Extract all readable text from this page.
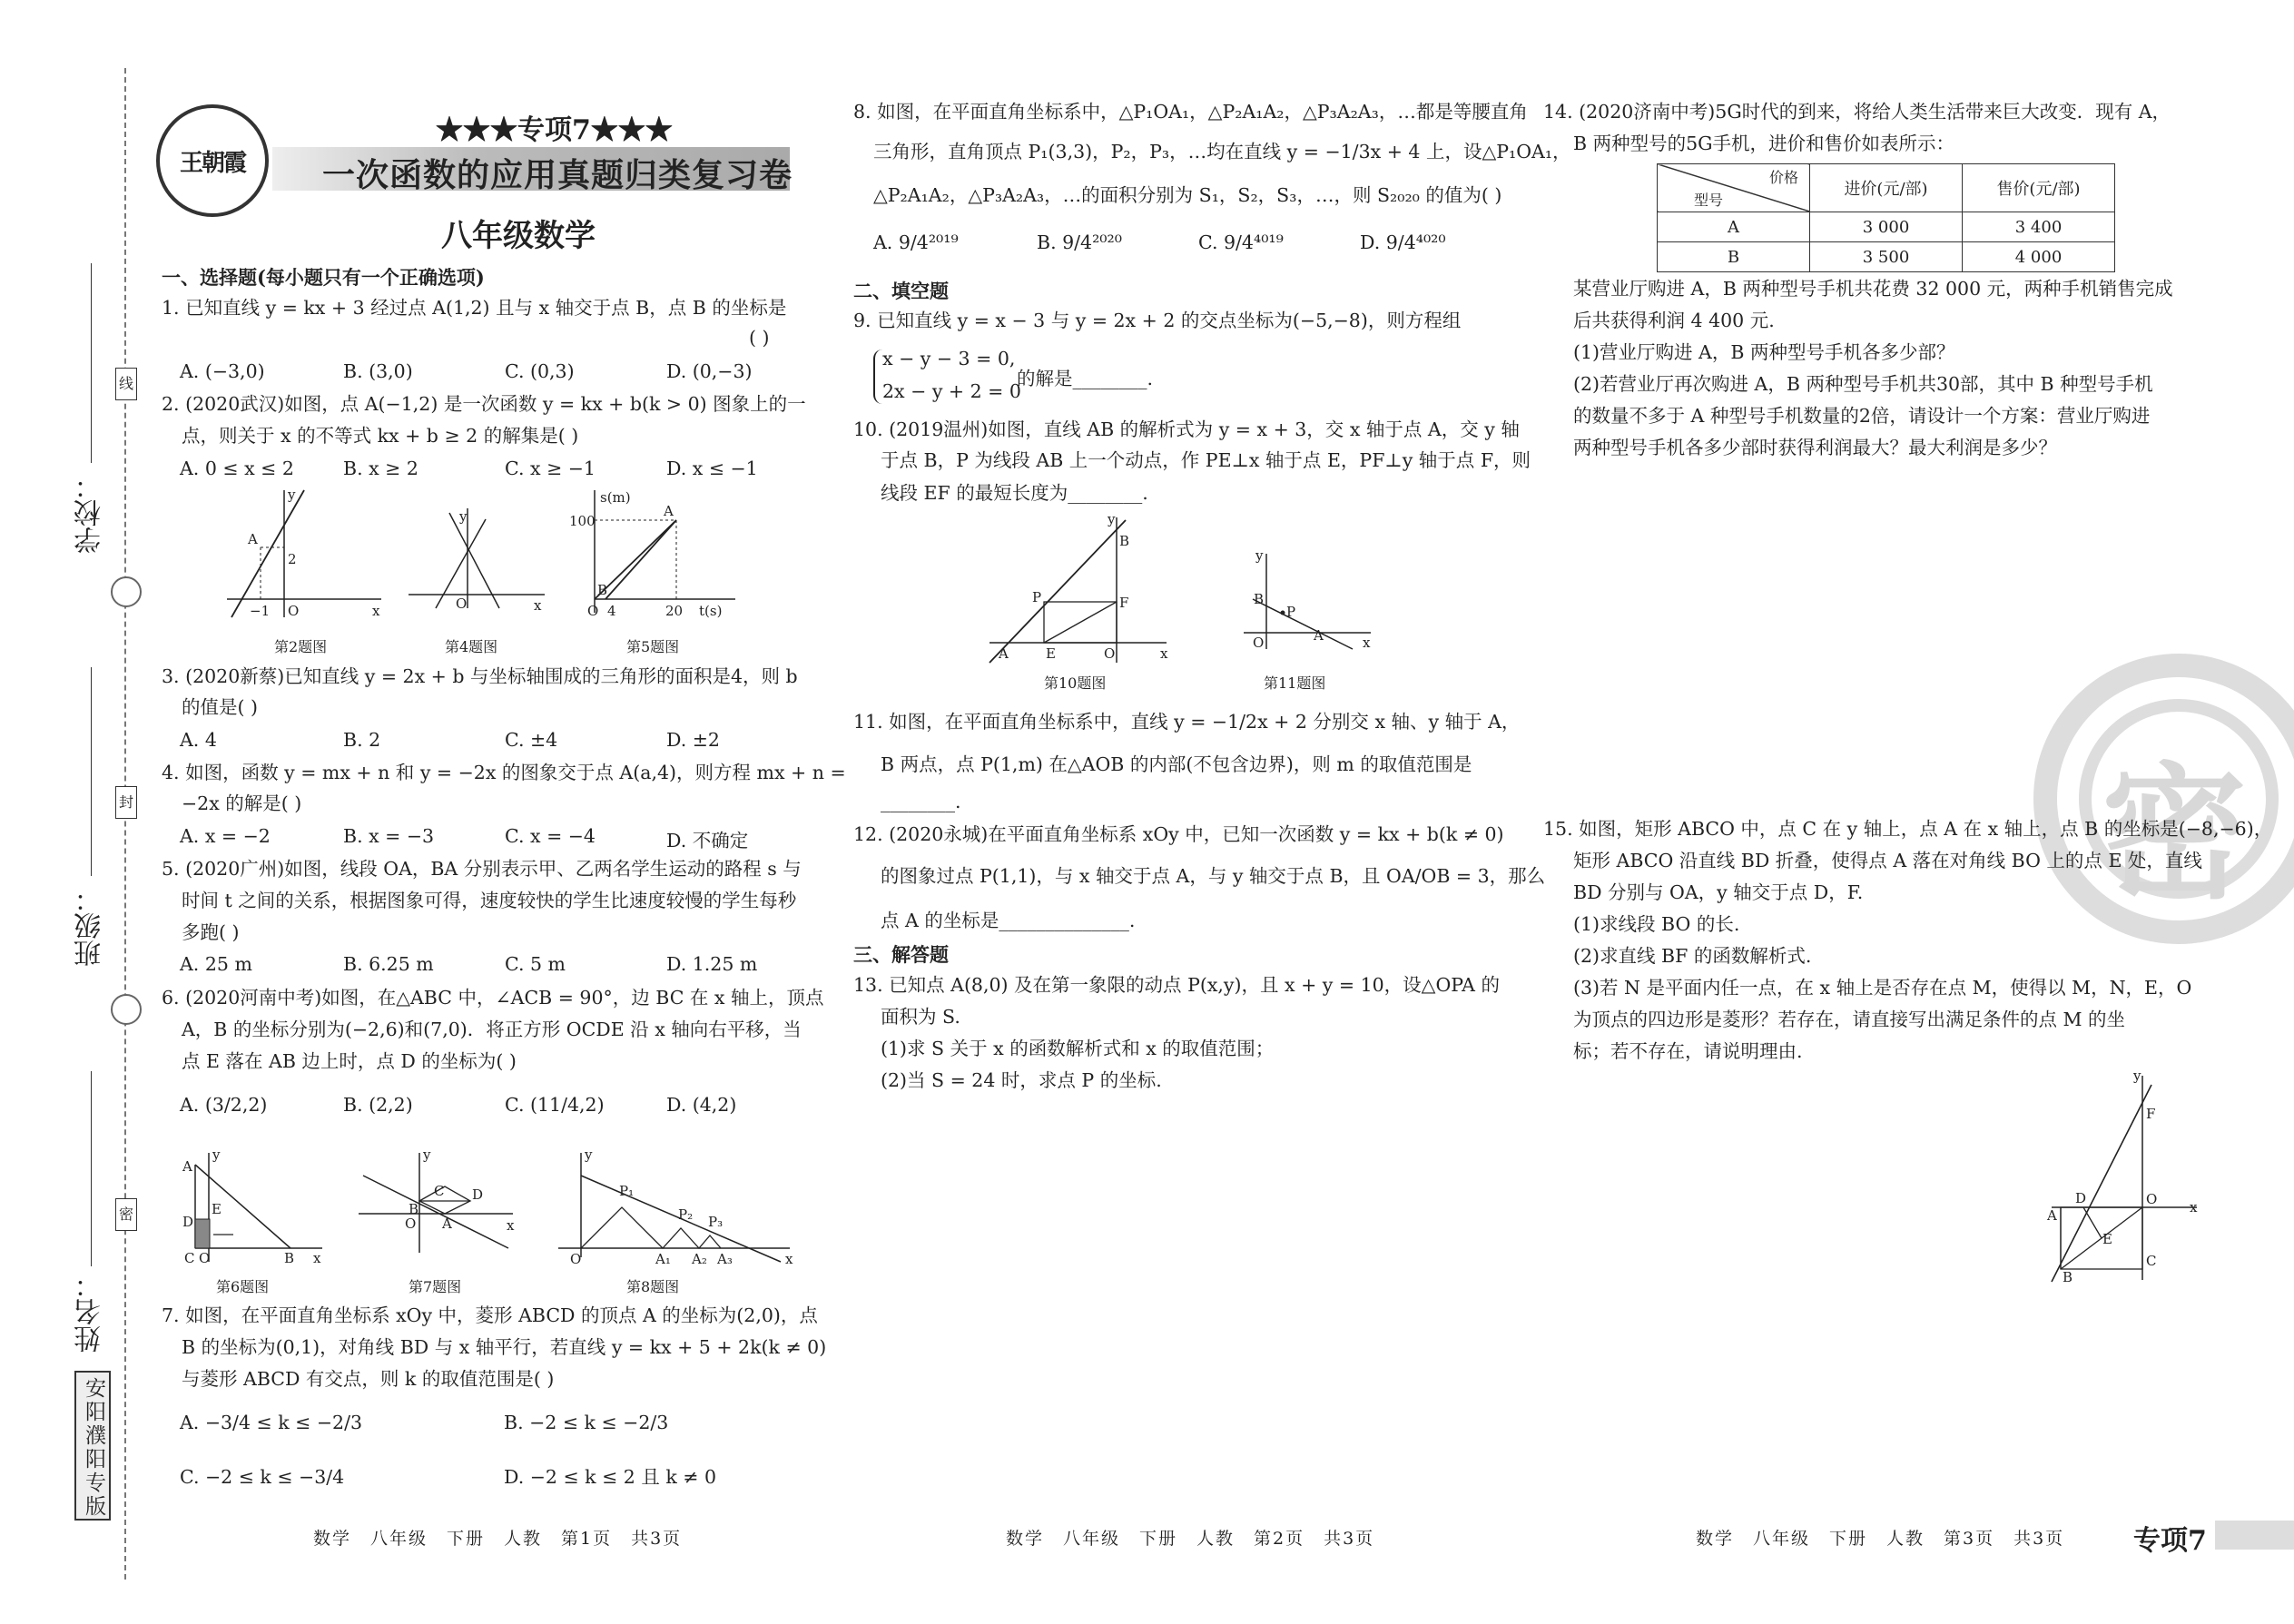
线
封
密
学校：
班级：
姓名：
安阳濮阳专版
王朝霞
★★★专项7★★★
一次函数的应用真题归类复习卷
八年级数学
一、选择题(每小题只有一个正确选项)
1. 已知直线 y = kx + 3 经过点 A(1,2) 且与 x 轴交于点 B，点 B 的坐标是
( )
A. (−3,0)	B. (3,0)	C. (0,3)	D. (0,−3)
2. (2020武汉)如图，点 A(−1,2) 是一次函数 y = kx + b(k > 0) 图象上的一
点，则关于 x 的不等式 kx + b ≥ 2 的解集是( )
A. 0 ≤ x ≤ 2	B. x ≥ 2	C. x ≥ −1	D. x ≤ −1
A
2
−1 O	x
y
第2题图
y
O	x
第4题图
s(m)
100
A
O
B
4	20 t(s)
第5题图
3. (2020新蔡)已知直线 y = 2x + b 与坐标轴围成的三角形的面积是4，则 b
的值是( )
A. 4	B. 2	C. ±4	D. ±2
4. 如图，函数 y = mx + n 和 y = −2x 的图象交于点 A(a,4)，则方程 mx + n =
−2x 的解是( )
A. x = −2	B. x = −3	C. x = −4	D. 不确定
5. (2020广州)如图，线段 OA，BA 分别表示甲、乙两名学生运动的路程 s 与
时间 t 之间的关系，根据图象可得，速度较快的学生比速度较慢的学生每秒
多跑( )
A. 25 m	B. 6.25 m	C. 5 m	D. 1.25 m
6. (2020河南中考)如图，在△ABC 中，∠ACB = 90°，边 BC 在 x 轴上，顶点
A，B 的坐标分别为(−2,6)和(7,0)．将正方形 OCDE 沿 x 轴向右平移，当
点 E 落在 AB 边上时，点 D 的坐标为( )
A. (3/2,2)	B. (2,2)	C. (11/4,2)	D. (4,2)
A
D
E
C O	B x
y
第6题图
B
C D
A
O	x
y
第7题图
P₁
P₂ P₃
A₁ A₂ A₃
O	x
y
第8题图
7. 如图，在平面直角坐标系 xOy 中，菱形 ABCD 的顶点 A 的坐标为(2,0)，点
B 的坐标为(0,1)，对角线 BD 与 x 轴平行，若直线 y = kx + 5 + 2k(k ≠ 0)
与菱形 ABCD 有交点，则 k 的取值范围是( )
A. −3/4 ≤ k ≤ −2/3	B. −2 ≤ k ≤ −2/3
C. −2 ≤ k ≤ −3/4	D. −2 ≤ k ≤ 2 且 k ≠ 0
数学　八年级　下册　人教　第1页　共3页
8. 如图，在平面直角坐标系中，△P₁OA₁，△P₂A₁A₂，△P₃A₂A₃，…都是等腰直角
三角形，直角顶点 P₁(3,3)，P₂，P₃，…均在直线 y = −1/3x + 4 上，设△P₁OA₁，
△P₂A₁A₂，△P₃A₂A₃，…的面积分别为 S₁，S₂，S₃，…，则 S₂₀₂₀ 的值为( )
A. 9/4²⁰¹⁹	B. 9/4²⁰²⁰	C. 9/4⁴⁰¹⁹	D. 9/4⁴⁰²⁰
二、填空题
9. 已知直线 y = x − 3 与 y = 2x + 2 的交点坐标为(−5,−8)，则方程组
x − y − 3 = 0,
2x − y + 2 = 0
的解是________.
10. (2019温州)如图，直线 AB 的解析式为 y = x + 3，交 x 轴于点 A，交 y 轴
于点 B，P 为线段 AB 上一个动点，作 PE⊥x 轴于点 E，PF⊥y 轴于点 F，则
线段 EF 的最短长度为________.
A
B
P	F
E	O	x
y
第10题图
B
P
A
O	x
y
第11题图
11. 如图，在平面直角坐标系中，直线 y = −1/2x + 2 分别交 x 轴、y 轴于 A，
B 两点，点 P(1,m) 在△AOB 的内部(不包含边界)，则 m 的取值范围是
________.
12. (2020永城)在平面直角坐标系 xOy 中，已知一次函数 y = kx + b(k ≠ 0)
的图象过点 P(1,1)，与 x 轴交于点 A，与 y 轴交于点 B，且 OA/OB = 3，那么
点 A 的坐标是______________.
三、解答题
13. 已知点 A(8,0) 及在第一象限的动点 P(x,y)，且 x + y = 10，设△OPA 的
面积为 S.
(1)求 S 关于 x 的函数解析式和 x 的取值范围；
(2)当 S = 24 时，求点 P 的坐标.
数学　八年级　下册　人教　第2页　共3页
14. (2020济南中考)5G时代的到来，将给人类生活带来巨大改变．现有 A，
B 两种型号的5G手机，进价和售价如表所示：
价格
型号	进价(元/部)	售价(元/部)
A	3 000	3 400
B	3 500	4 000
某营业厅购进 A，B 两种型号手机共花费 32 000 元，两种手机销售完成
后共获得利润 4 400 元.
(1)营业厅购进 A，B 两种型号手机各多少部？
(2)若营业厅再次购进 A，B 两种型号手机共30部，其中 B 种型号手机
的数量不多于 A 种型号手机数量的2倍，请设计一个方案：营业厅购进
两种型号手机各多少部时获得利润最大？最大利润是多少？
密
15. 如图，矩形 ABCO 中，点 C 在 y 轴上，点 A 在 x 轴上，点 B 的坐标是(−8,−6)，
矩形 ABCO 沿直线 BD 折叠，使得点 A 落在对角线 BO 上的点 E 处，直线
BD 分别与 OA，y 轴交于点 D，F.
(1)求线段 BO 的长.
(2)求直线 BF 的函数解析式.
(3)若 N 是平面内任一点，在 x 轴上是否存在点 M，使得以 M，N，E，O
为顶点的四边形是菱形？若存在，请直接写出满足条件的点 M 的坐
标；若不存在，请说明理由.
A
D	O x
E
C
B
F
y
数学　八年级　下册　人教　第3页　共3页	专项7
